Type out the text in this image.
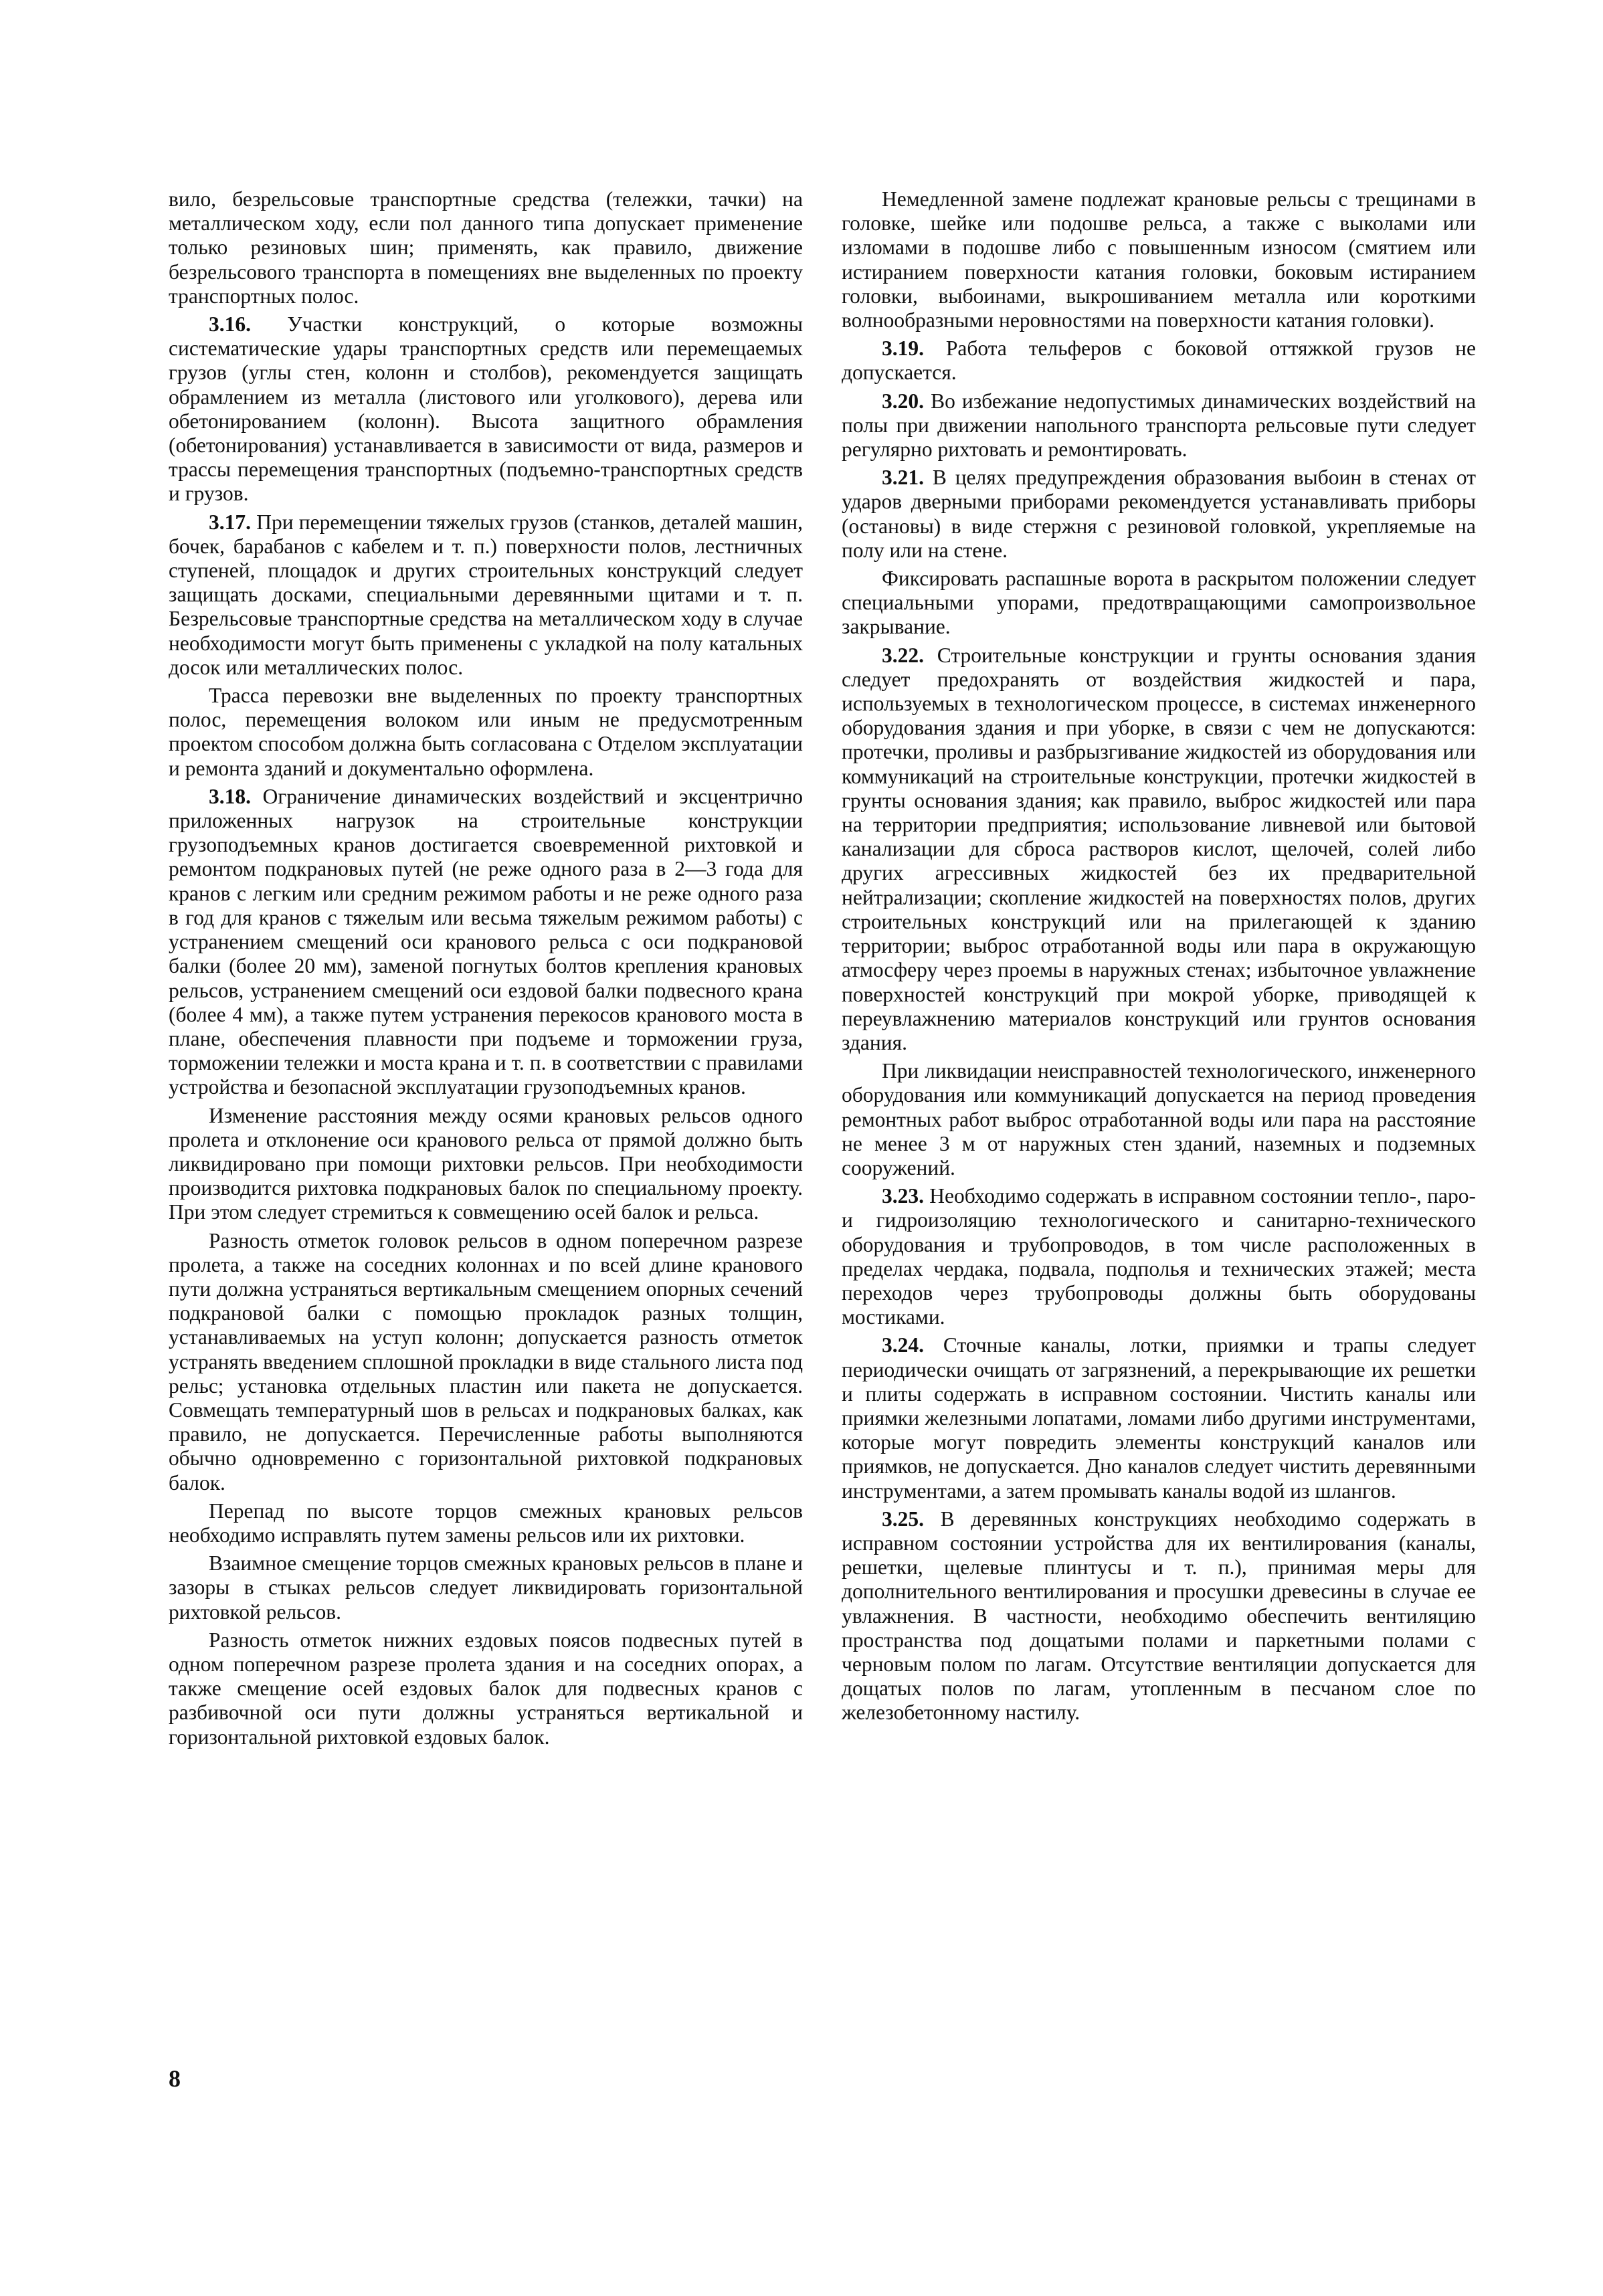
вило, безрельсовые транспортные средства (тележки, тачки) на металлическом ходу, если пол данного типа допускает применение только резиновых шин; применять, как правило, движение безрельсового транспорта в помещениях вне выделенных по проекту транспортных полос.

3.16. Участки конструкций, о которые возможны систематические удары транспортных средств или перемещаемых грузов (углы стен, колонн и столбов), рекомендуется защищать обрамлением из металла (листового или уголкового), дерева или обетонированием (колонн). Высота защитного обрамления (обетонирования) устанавливается в зависимости от вида, размеров и трассы перемещения транспортных (подъемно-транспортных средств и грузов.

3.17. При перемещении тяжелых грузов (станков, деталей машин, бочек, барабанов с кабелем и т. п.) поверхности полов, лестничных ступеней, площадок и других строительных конструкций следует защищать досками, специальными деревянными щитами и т. п. Безрельсовые транспортные средства на металлическом ходу в случае необходимости могут быть применены с укладкой на полу катальных досок или металлических полос.

Трасса перевозки вне выделенных по проекту транспортных полос, перемещения волоком или иным не предусмотренным проектом способом должна быть согласована с Отделом эксплуатации и ремонта зданий и документально оформлена.

3.18. Ограничение динамических воздействий и эксцентрично приложенных нагрузок на строительные конструкции грузоподъемных кранов достигается своевременной рихтовкой и ремонтом подкрановых путей (не реже одного раза в 2—3 года для кранов с легким или средним режимом работы и не реже одного раза в год для кранов с тяжелым или весьма тяжелым режимом работы) с устранением смещений оси кранового рельса с оси подкрановой балки (более 20 мм), заменой погнутых болтов крепления крановых рельсов, устранением смещений оси ездовой балки подвесного крана (более 4 мм), а также путем устранения перекосов кранового моста в плане, обеспечения плавности при подъеме и торможении груза, торможении тележки и моста крана и т. п. в соответствии с правилами устройства и безопасной эксплуатации грузоподъемных кранов.

Изменение расстояния между осями крановых рельсов одного пролета и отклонение оси кранового рельса от прямой должно быть ликвидировано при помощи рихтовки рельсов. При необходимости производится рихтовка подкрановых балок по специальному проекту. При этом следует стремиться к совмещению осей балок и рельса.

Разность отметок головок рельсов в одном поперечном разрезе пролета, а также на соседних колоннах и по всей длине кранового пути должна устраняться вертикальным смещением опорных сечений подкрановой балки с помощью прокладок разных толщин, устанавливаемых на уступ колонн; допускается разность отметок устранять введением сплошной прокладки в виде стального листа под рельс; установка отдельных пластин или пакета не допускается. Совмещать температурный шов в рельсах и подкрановых балках, как правило, не допускается. Перечисленные работы выполняются обычно одновременно с горизонтальной рихтовкой подкрановых балок.

Перепад по высоте торцов смежных крановых рельсов необходимо исправлять путем замены рельсов или их рихтовки.

Взаимное смещение торцов смежных крановых рельсов в плане и зазоры в стыках рельсов следует ликвидировать горизонтальной рихтовкой рельсов.

Разность отметок нижних ездовых поясов подвесных путей в одном поперечном разрезе пролета здания и на соседних опорах, а также смещение осей ездовых балок для подвесных кранов с разбивочной оси пути должны устраняться вертикальной и горизонтальной рихтовкой ездовых балок.

Немедленной замене подлежат крановые рельсы с трещинами в головке, шейке или подошве рельса, а также с выколами или изломами в подошве либо с повышенным износом (смятием или истиранием поверхности катания головки, боковым истиранием головки, выбоинами, выкрошиванием металла или короткими волнообразными неровностями на поверхности катания головки).

3.19. Работа тельферов с боковой оттяжкой грузов не допускается.

3.20. Во избежание недопустимых динамических воздействий на полы при движении напольного транспорта рельсовые пути следует регулярно рихтовать и ремонтировать.

3.21. В целях предупреждения образования выбоин в стенах от ударов дверными приборами рекомендуется устанавливать приборы (остановы) в виде стержня с резиновой головкой, укрепляемые на полу или на стене.

Фиксировать распашные ворота в раскрытом положении следует специальными упорами, предотвращающими самопроизвольное закрывание.

3.22. Строительные конструкции и грунты основания здания следует предохранять от воздействия жидкостей и пара, используемых в технологическом процессе, в системах инженерного оборудования здания и при уборке, в связи с чем не допускаются: протечки, проливы и разбрызгивание жидкостей из оборудования или коммуникаций на строительные конструкции, протечки жидкостей в грунты основания здания; как правило, выброс жидкостей или пара на территории предприятия; использование ливневой или бытовой канализации для сброса растворов кислот, щелочей, солей либо других агрессивных жидкостей без их предварительной нейтрализации; скопление жидкостей на поверхностях полов, других строительных конструкций или на прилегающей к зданию территории; выброс отработанной воды или пара в окружающую атмосферу через проемы в наружных стенах; избыточное увлажнение поверхностей конструкций при мокрой уборке, приводящей к переувлажнению материалов конструкций или грунтов основания здания.

При ликвидации неисправностей технологического, инженерного оборудования или коммуникаций допускается на период проведения ремонтных работ выброс отработанной воды или пара на расстояние не менее 3 м от наружных стен зданий, наземных и подземных сооружений.

3.23. Необходимо содержать в исправном состоянии тепло-, паро- и гидроизоляцию технологического и санитарно-технического оборудования и трубопроводов, в том числе расположенных в пределах чердака, подвала, подполья и технических этажей; места переходов через трубопроводы должны быть оборудованы мостиками.

3.24. Сточные каналы, лотки, приямки и трапы следует периодически очищать от загрязнений, а перекрывающие их решетки и плиты содержать в исправном состоянии. Чистить каналы или приямки железными лопатами, ломами либо другими инструментами, которые могут повредить элементы конструкций каналов или приямков, не допускается. Дно каналов следует чистить деревянными инструментами, а затем промывать каналы водой из шлангов.

3.25. В деревянных конструкциях необходимо содержать в исправном состоянии устройства для их вентилирования (каналы, решетки, щелевые плинтусы и т. п.), принимая меры для дополнительного вентилирования и просушки древесины в случае ее увлажнения. В частности, необходимо обеспечить вентиляцию пространства под дощатыми полами и паркетными полами с черновым полом по лагам. Отсутствие вентиляции допускается для дощатых полов по лагам, утопленным в песчаном слое по железобетонному настилу.

8
